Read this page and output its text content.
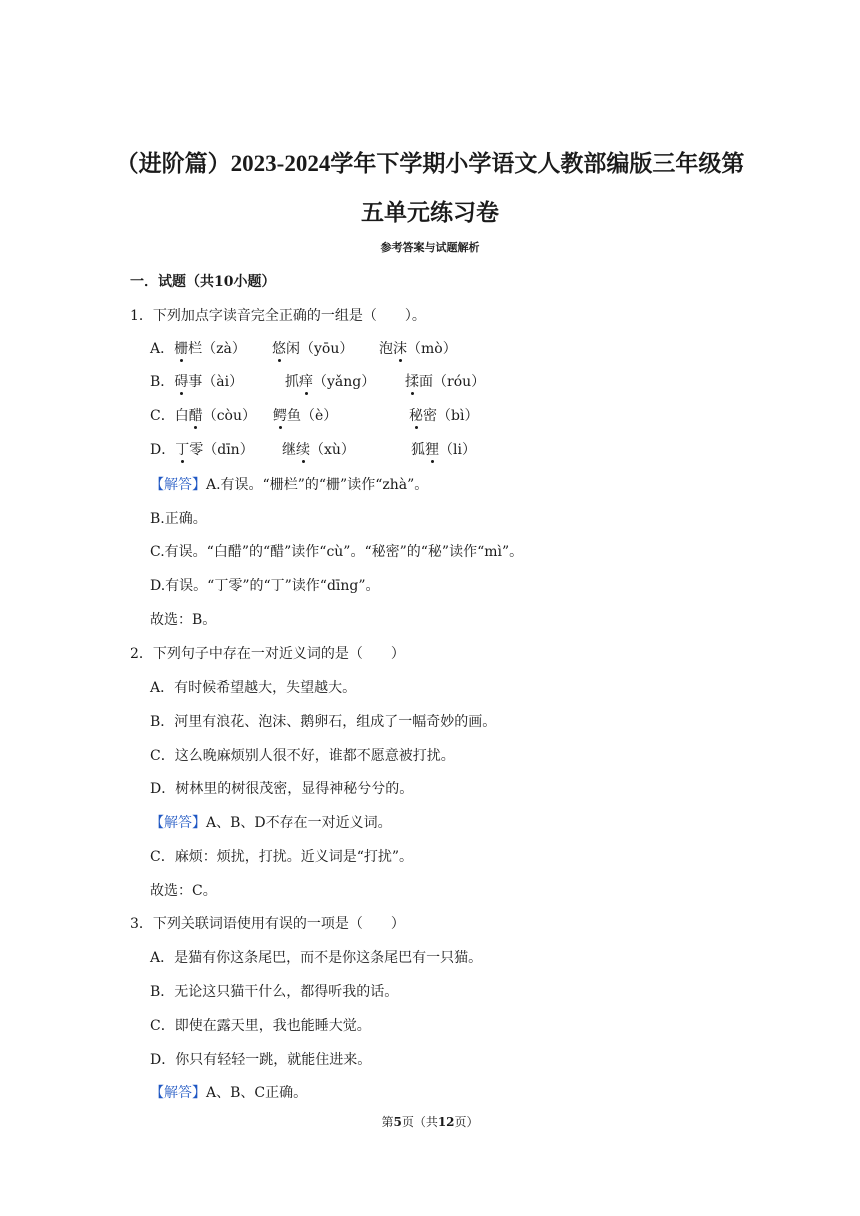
（进阶篇）2023-2024学年下学期小学语文人教部编版三年级第
五单元练习卷
参考答案与试题解析
一．试题（共10小题）
1．下列加点字读音完全正确的一组是（　　）。
A．栅栏（zà） 悠闲（yōu） 泡沫（mò）
B．碍事（ài）	抓痒（yǎng） 揉面（róu）
C．白醋（còu） 鳄鱼（è）	秘密（bì）
D．丁零（dīn） 继续（xù）	狐狸（li）
【解答】A.有误。“栅栏”的“栅”读作“zhà”。
B.正确。
C.有误。“白醋”的“醋”读作“cù”。“秘密”的“秘”读作“mì”。
D.有误。“丁零”的“丁”读作“dīng”。
故选：B。
2．下列句子中存在一对近义词的是（　　）
A．有时候希望越大，失望越大。
B．河里有浪花、泡沫、鹅卵石，组成了一幅奇妙的画。
C．这么晚麻烦别人很不好，谁都不愿意被打扰。
D．树林里的树很茂密，显得神秘兮兮的。
【解答】A、B、D不存在一对近义词。
C．麻烦：烦扰，打扰。近义词是“打扰”。
故选：C。
3．下列关联词语使用有误的一项是（　　）
A．是猫有你这条尾巴，而不是你这条尾巴有一只猫。
B．无论这只猫干什么，都得听我的话。
C．即使在露天里，我也能睡大觉。
D．你只有轻轻一跳，就能住进来。
【解答】A、B、C正确。
第5页（共12页）
